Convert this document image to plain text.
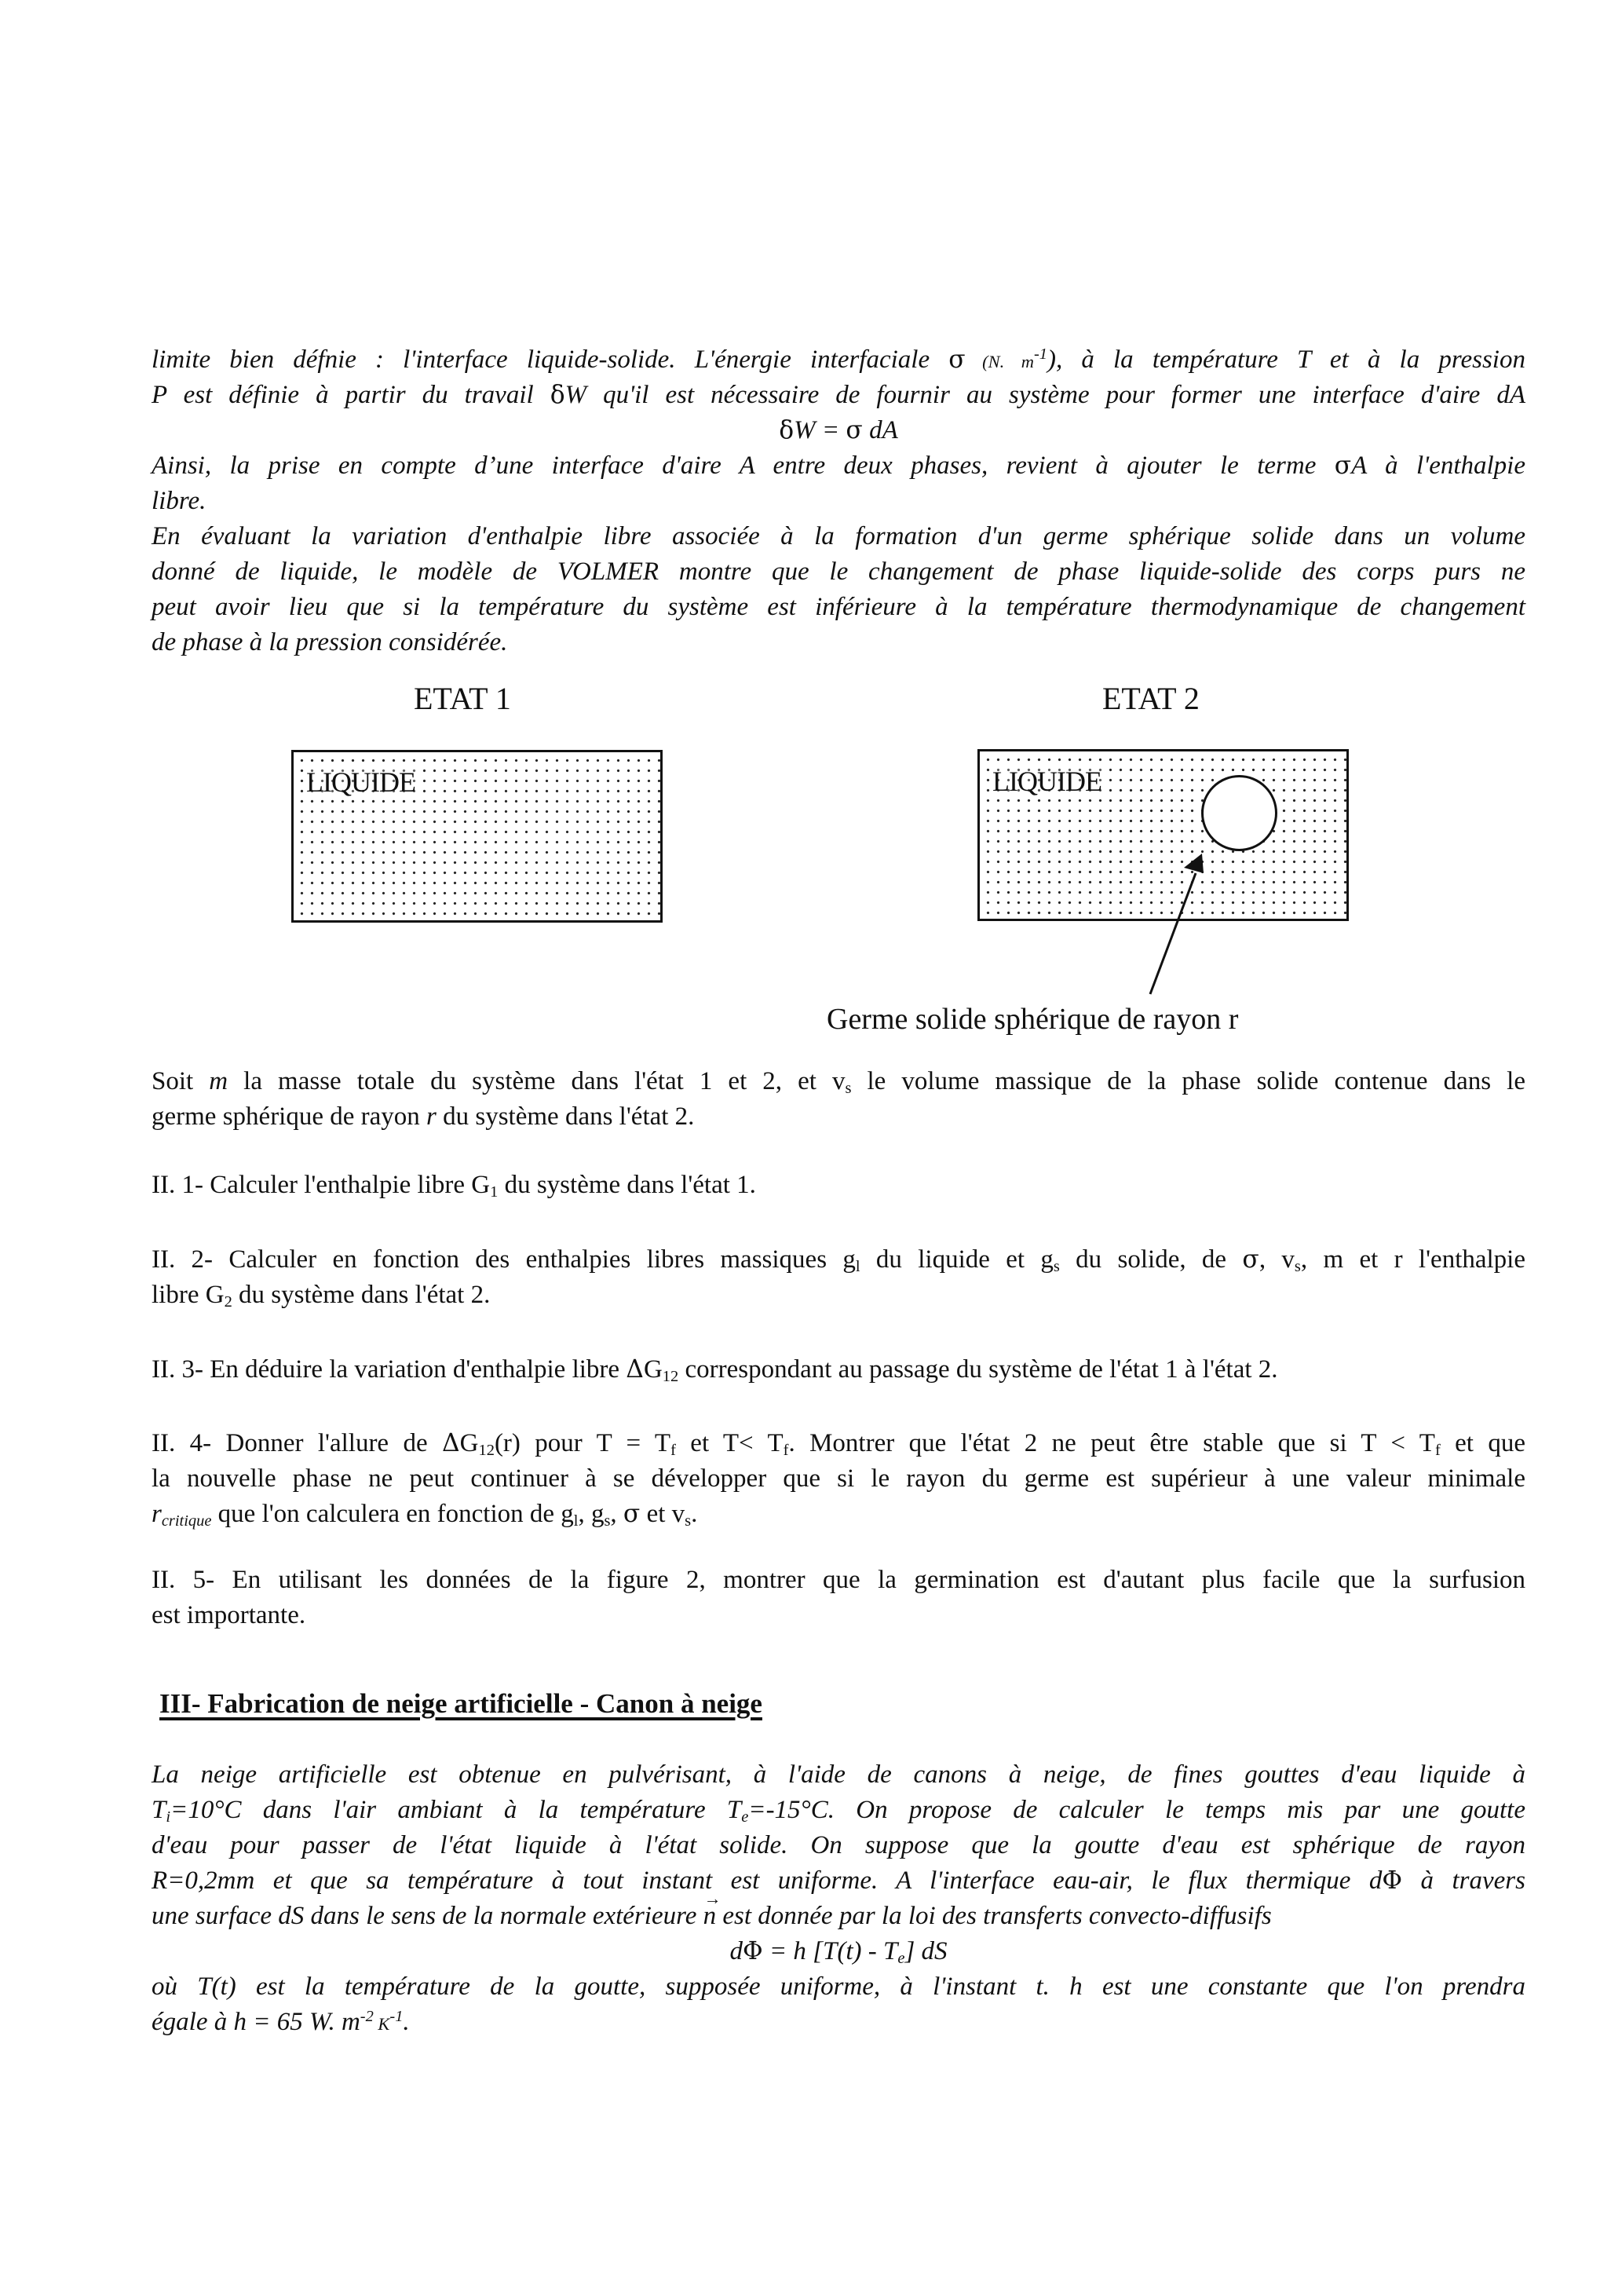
limite bien défnie : l'interface liquide-solide. L'énergie interfaciale σ (N. $m^{-1}$), à la température T et à la pression
P est définie à partir du travail δW qu'il est nécessaire de fournir au système pour former une interface d'aire dA
δW = σ dA
Ainsi, la prise en compte d’une interface d'aire A entre deux phases, revient à ajouter le terme σA à l'enthalpie
libre.
En évaluant la variation d'enthalpie libre associée à la formation d'un germe sphérique solide dans un volume
donné de liquide, le modèle de VOLMER montre que le changement de phase liquide-solide des corps purs ne
peut avoir lieu que si la température du système est inférieure à la température thermodynamique de changement
de phase à la pression considérée.
ETAT 1	ETAT 2
LIQUIDE	LIQUIDE
Germe solide sphérique de rayon r
Soit m la masse totale du système dans l'état 1 et 2, et $v_s$ le volume massique de la phase solide contenue dans le
germe sphérique de rayon r du système dans l'état 2.
II. 1- Calculer l'enthalpie libre $G_1$ du système dans l'état 1.
II. 2- Calculer en fonction des enthalpies libres massiques $g_l$ du liquide et $g_s$ du solide, de σ, $v_s$, m et r l'enthalpie
libre $G_2$ du système dans l'état 2.
II. 3- En déduire la variation d'enthalpie libre $\Delta G_{12}$ correspondant au passage du système de l'état 1 à l'état 2.
II. 4- Donner l'allure de $\Delta G_{12}(r)$ pour $T = T_f$ et $T< T_f$. Montrer que l'état 2 ne peut être stable que si $T < T_f$ et que
la nouvelle phase ne peut continuer à se développer que si le rayon du germe est supérieur à une valeur minimale
$r_{critique}$ que l'on calculera en fonction de $g_l$, $g_s$, σ et $v_s$.
II. 5- En utilisant les données de la figure 2, montrer que la germination est d'autant plus facile que la surfusion
est importante.
III- Fabrication de neige artificielle - Canon à neige
La neige artificielle est obtenue en pulvérisant, à l'aide de canons à neige, de fines gouttes d'eau liquide à
$T_i=10^\circ C$ dans l'air ambiant à la température $T_e=-15^\circ C$. On propose de calculer le temps mis par une goutte
d'eau pour passer de l'état liquide à l'état solide. On suppose que la goutte d'eau est sphérique de rayon
R=0,2mm et que sa température à tout instant est uniforme. A l'interface eau-air, le flux thermique dΦ à travers
une surface dS dans le sens de la normale extérieure → n est donnée par la loi des transferts convecto-diffusifs
dΦ = h $[T(t) - T_e]$ dS
où T(t) est la température de la goutte, supposée uniforme, à l'instant t. h est une constante que l'on prendra
égale à h = 65 W. $m^{-2}$ $K^{-1}$.
